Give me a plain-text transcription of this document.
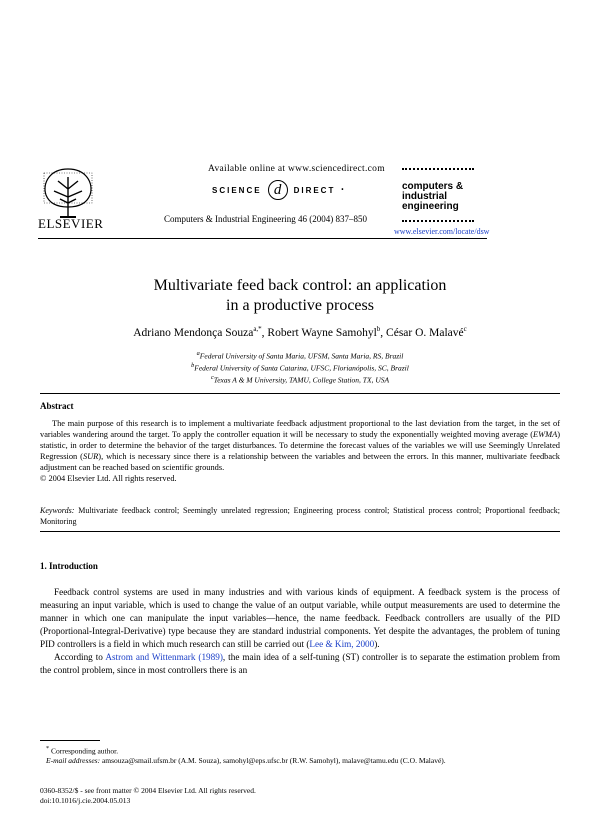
ELSEVIER
Available online at www.sciencedirect.com
SCIENCE d	DIRECT •
Computers & Industrial Engineering 46 (2004) 837–850
computers &
industrial
engineering
www.elsevier.com/locate/dsw
Multivariate feed back control: an application
in a productive process
Adriano Mendonça Souza$^{a,*}$, Robert Wayne Samohyl$^b$, César O. Malavé$^c$
$^a$Federal University of Santa Maria, UFSM, Santa Maria, RS, Brazil
$^b$Federal University of Santa Catarina, UFSC, Florianópolis, SC, Brazil
$^c$Texas A & M University, TAMU, College Station, TX, USA
Abstract

The main purpose of this research is to implement a multivariate feedback adjustment proportional to the last deviation from the target, in the set of variables wandering around the target. To apply the controller equation it will be necessary to study the exponentially weighted moving average (EWMA) statistic, in order to determine the behavior of the target disturbances. To determine the forecast values of the variables we will use Seemingly Unrelated Regression (SUR), which is necessary since there is a relationship between the variables and between the errors. In this manner, multivariate feedback adjustment can be reached based on scientific grounds.

© 2004 Elsevier Ltd. All rights reserved.

Keywords: Multivariate feedback control; Seemingly unrelated regression; Engineering process control; Statistical process control; Proportional feedback; Monitoring
1. Introduction

Feedback control systems are used in many industries and with various kinds of equipment. A feedback system is the process of measuring an input variable, which is used to change the value of an output variable, while output measurements are used to determine the manner in which one can manipulate the input variables—hence, the name feedback. Feedback controllers are usually of the PID (Proportional-Integral-Derivative) type because they are standard industrial components. Yet despite the advantages, the problem of tuning PID controllers is a field in which much research can still be carried out (Lee & Kim, 2000).

According to Astrom and Wittenmark (1989), the main idea of a self-tuning (ST) controller is to separate the estimation problem from the control problem, since in most controllers there is an

* Corresponding author.

E-mail addresses: amsouza@smail.ufsm.br (A.M. Souza), samohyl@eps.ufsc.br (R.W. Samohyl), malave@tamu.edu (C.O. Malavé).

0360-8352/$ - see front matter © 2004 Elsevier Ltd. All rights reserved.
doi:10.1016/j.cie.2004.05.013
